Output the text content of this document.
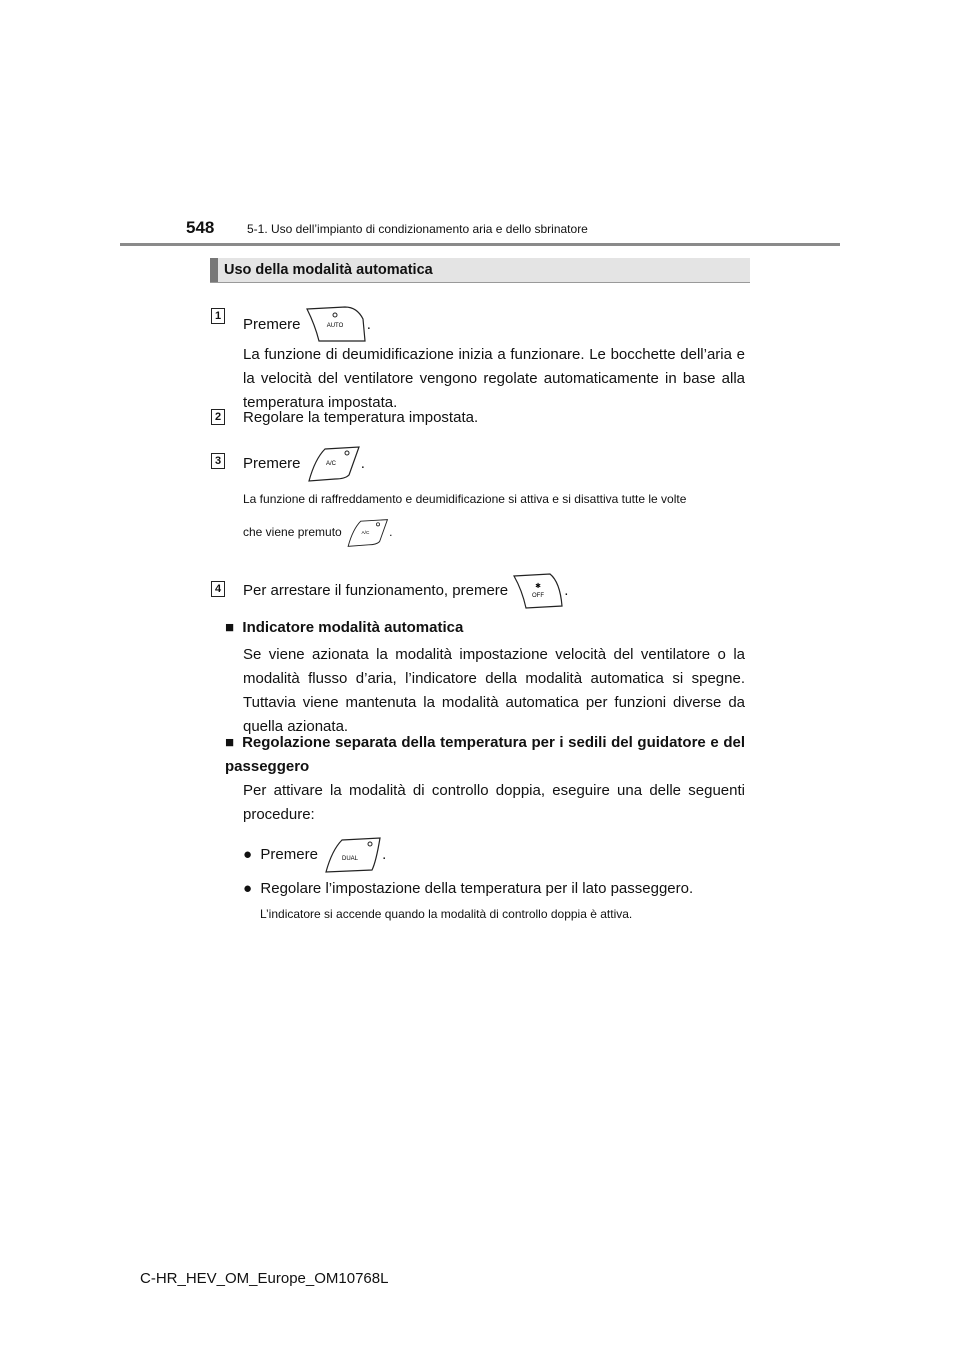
548	5-1. Uso dell’impianto di condizionamento aria e dello sbrinatore
Uso della modalità automatica
1 Premere	AUTO .
La funzione di deumidificazione inizia a funzionare. Le bocchette dell’aria e la velocità del ventilatore vengono regolate automaticamente in base alla temperatura impostata.
2 Regolare la temperatura impostata.
3 Premere	A/C .
La funzione di raffreddamento e deumidificazione si attiva e si disattiva tutte le volte
che viene premuto	A/C .
4 Per arrestare il funzionamento, premere	✱
OFF .
■  Indicatore modalità automatica
Se viene azionata la modalità impostazione velocità del ventilatore o la modalità flusso d’aria, l’indicatore della modalità automatica si spegne. Tuttavia viene mantenuta la modalità automatica per funzioni diverse da quella azionata.
■ Regolazione separata della temperatura per i sedili del guidatore e del passeggero
Per attivare la modalità di controllo doppia, eseguire una delle seguenti procedure:
●  Premere	DUAL .
●  Regolare l’impostazione della temperatura per il lato passeggero.
L’indicatore si accende quando la modalità di controllo doppia è attiva.
C-HR_HEV_OM_Europe_OM10768L
